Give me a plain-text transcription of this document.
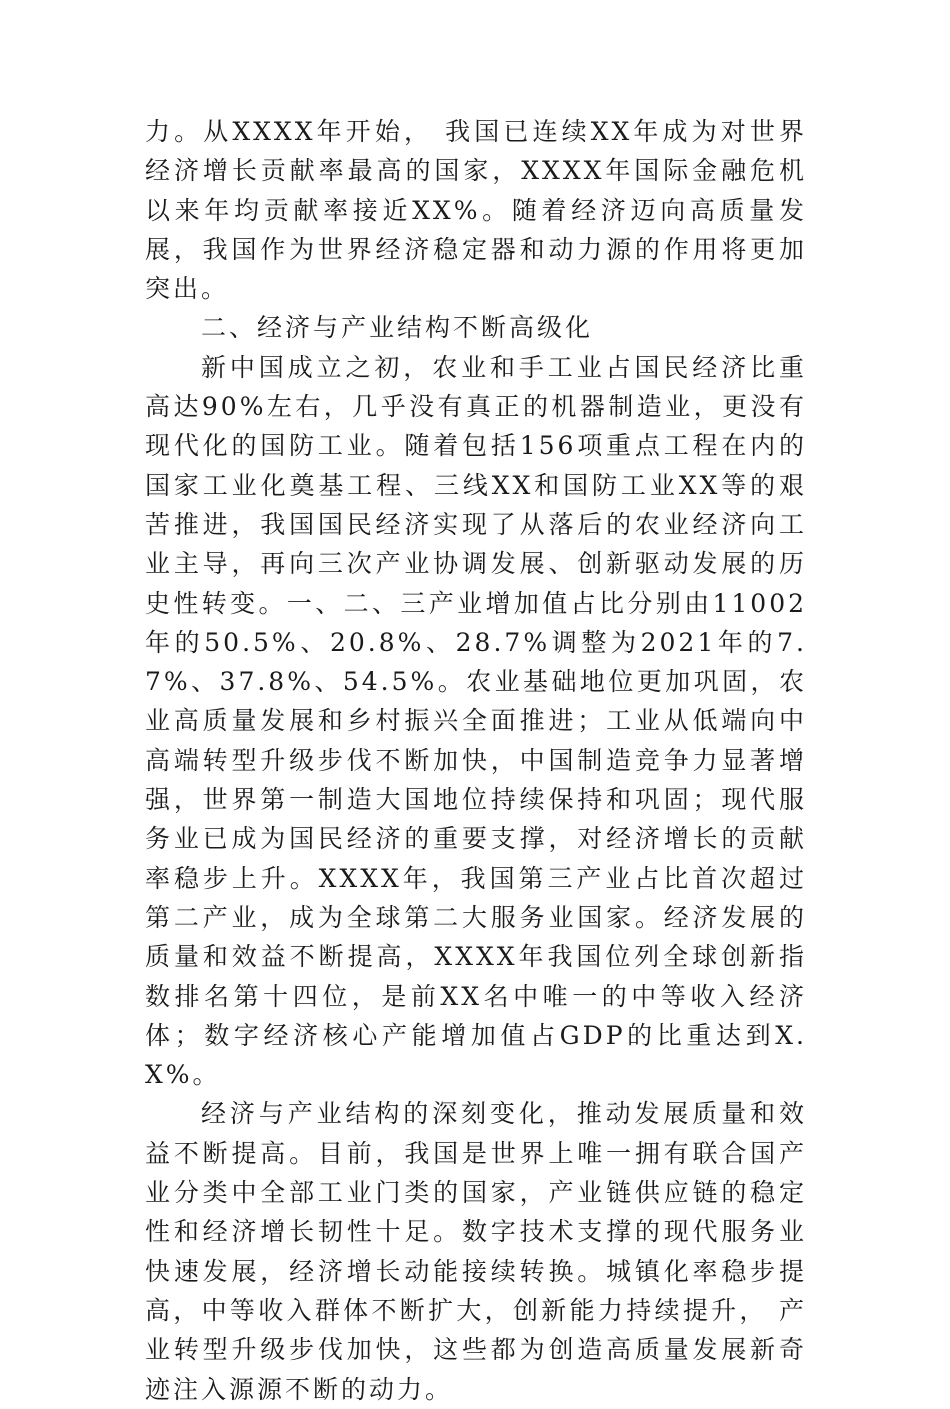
力。从XXXX年开始， 我国已连续XX年成为对世界经济增长贡献率最高的国家，XXXX年国际金融危机以来年均贡献率接近XX%。随着经济迈向高质量发展，我国作为世界经济稳定器和动力源的作用将更加突出。

二、经济与产业结构不断高级化

新中国成立之初，农业和手工业占国民经济比重高达90%左右，几乎没有真正的机器制造业，更没有现代化的国防工业。随着包括156项重点工程在内的国家工业化奠基工程、三线XX和国防工业XX等的艰苦推进，我国国民经济实现了从落后的农业经济向工业主导，再向三次产业协调发展、创新驱动发展的历史性转变。一、二、三产业增加值占比分别由11002年的50.5%、20.8%、28.7%调整为2021年的7.7%、37.8%、54.5%。农业基础地位更加巩固，农业高质量发展和乡村振兴全面推进；工业从低端向中高端转型升级步伐不断加快，中国制造竞争力显著增强，世界第一制造大国地位持续保持和巩固；现代服务业已成为国民经济的重要支撑，对经济增长的贡献率稳步上升。XXXX年，我国第三产业占比首次超过第二产业，成为全球第二大服务业国家。经济发展的质量和效益不断提高，XXXX年我国位列全球创新指数排名第十四位，是前XX名中唯一的中等收入经济体；数字经济核心产能增加值占GDP的比重达到X.X%。

经济与产业结构的深刻变化，推动发展质量和效益不断提高。目前，我国是世界上唯一拥有联合国产业分类中全部工业门类的国家，产业链供应链的稳定性和经济增长韧性十足。数字技术支撑的现代服务业快速发展，经济增长动能接续转换。城镇化率稳步提高，中等收入群体不断扩大，创新能力持续提升， 产业转型升级步伐加快，这些都为创造高质量发展新奇迹注入源源不断的动力。
